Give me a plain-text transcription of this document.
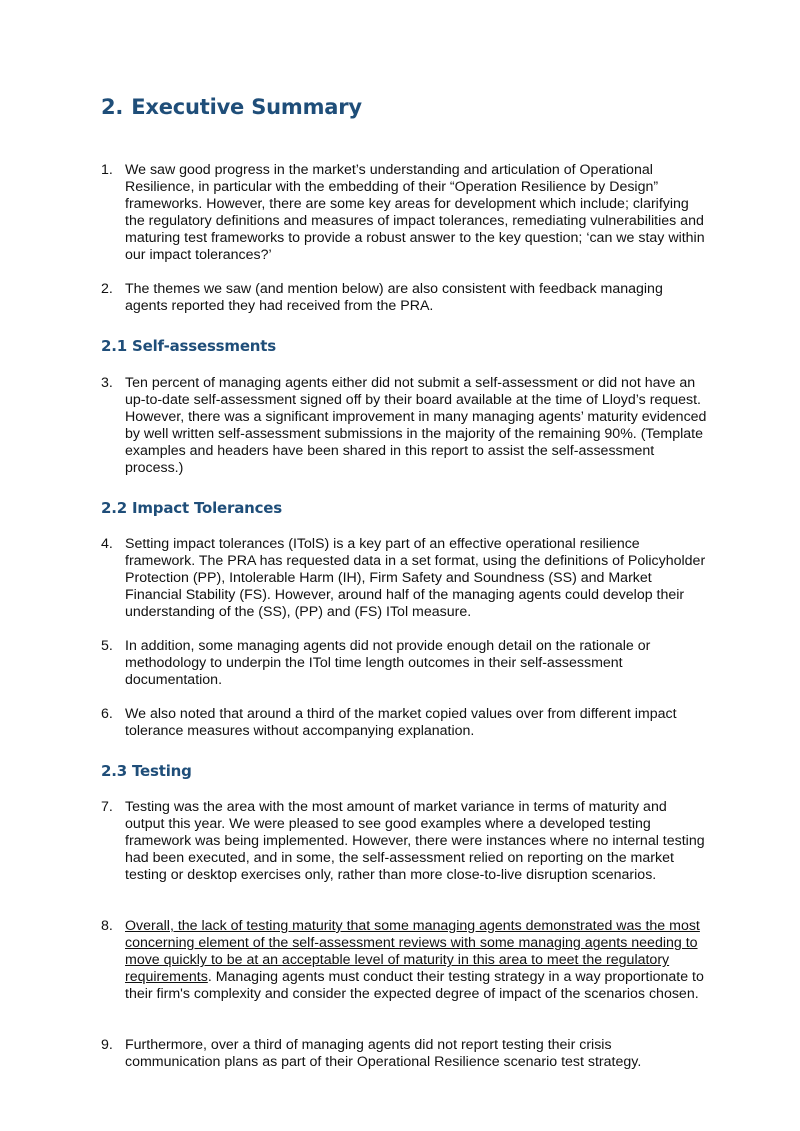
2. Executive Summary
1. We saw good progress in the market’s understanding and articulation of Operational Resilience, in particular with the embedding of their “Operation Resilience by Design” frameworks. However, there are some key areas for development which include; clarifying the regulatory definitions and measures of impact tolerances, remediating vulnerabilities and maturing test frameworks to provide a robust answer to the key question; ‘can we stay within our impact tolerances?’
2. The themes we saw (and mention below) are also consistent with feedback managing agents reported they had received from the PRA.
2.1 Self-assessments
3. Ten percent of managing agents either did not submit a self-assessment or did not have an up-to-date self-assessment signed off by their board available at the time of Lloyd’s request. However, there was a significant improvement in many managing agents’ maturity evidenced by well written self-assessment submissions in the majority of the remaining 90%. (Template examples and headers have been shared in this report to assist the self-assessment process.)
2.2 Impact Tolerances
4. Setting impact tolerances (ITolS) is a key part of an effective operational resilience framework. The PRA has requested data in a set format, using the definitions of Policyholder Protection (PP), Intolerable Harm (IH), Firm Safety and Soundness (SS) and Market Financial Stability (FS). However, around half of the managing agents could develop their understanding of the (SS), (PP) and (FS) ITol measure.
5. In addition, some managing agents did not provide enough detail on the rationale or methodology to underpin the ITol time length outcomes in their self-assessment documentation.
6. We also noted that around a third of the market copied values over from different impact tolerance measures without accompanying explanation.
2.3 Testing
7. Testing was the area with the most amount of market variance in terms of maturity and output this year. We were pleased to see good examples where a developed testing framework was being implemented. However, there were instances where no internal testing had been executed, and in some, the self-assessment relied on reporting on the market testing or desktop exercises only, rather than more close-to-live disruption scenarios.
8. Overall, the lack of testing maturity that some managing agents demonstrated was the most concerning element of the self-assessment reviews with some managing agents needing to move quickly to be at an acceptable level of maturity in this area to meet the regulatory requirements. Managing agents must conduct their testing strategy in a way proportionate to their firm's complexity and consider the expected degree of impact of the scenarios chosen.
9. Furthermore, over a third of managing agents did not report testing their crisis communication plans as part of their Operational Resilience scenario test strategy.
